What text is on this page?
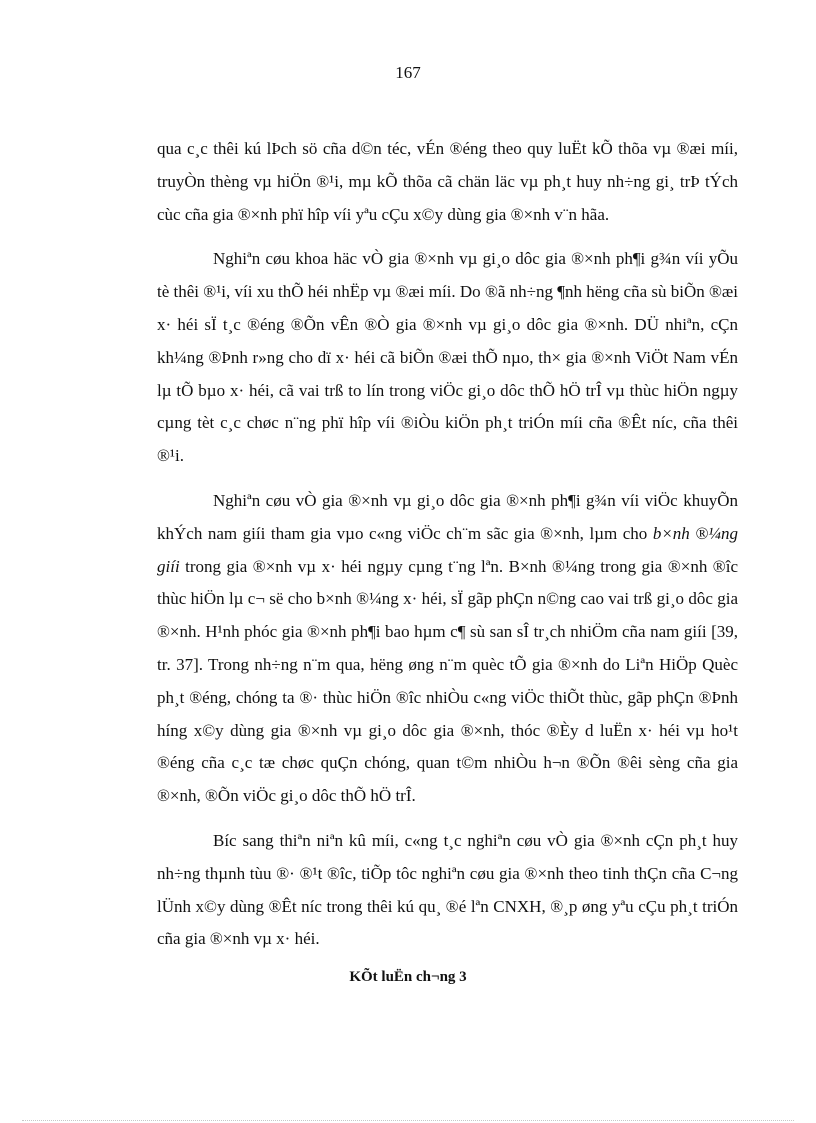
167

qua c¸c thêi kú lÞch sö cña d©n téc, vÉn ®éng theo quy luËt kÕ thõa vµ ®æi míi, truyÒn thèng vµ hiÖn ®¹i, mµ kÕ thõa cã chän läc vµ ph¸t huy nh÷ng gi¸ trÞ tÝch cùc cña gia ®×nh phï hîp víi yªu cÇu x©y dùng gia ®×nh v¨n hãa.

Nghiªn cøu khoa häc vÒ gia ®×nh vµ gi¸o dôc gia ®×nh ph¶i g¾n víi yÕu tè thêi ®¹i, víi xu thÕ héi nhËp vµ ®æi míi. Do ®ã nh÷ng ¶nh hëng cña sù biÕn ®æi x· héi sÏ t¸c ®éng ®Õn vÊn ®Ò gia ®×nh vµ gi¸o dôc gia ®×nh. DÜ nhiªn, cÇn kh¼ng ®Þnh r»ng cho dï x· héi cã biÕn ®æi thÕ nµo, th× gia ®×nh ViÖt Nam vÉn lµ tÕ bµo x· héi, cã vai trß to lín trong viÖc gi¸o dôc thÕ hÖ trÎ vµ thùc hiÖn ngµy cµng tèt c¸c chøc n¨ng phï hîp víi ®iÒu kiÖn ph¸t triÓn míi cña ®Êt níc, cña thêi ®¹i.

Nghiªn cøu vÒ gia ®×nh vµ gi¸o dôc gia ®×nh ph¶i g¾n víi viÖc khuyÕn khÝch nam giíi tham gia vµo c«ng viÖc ch¨m sãc gia ®×nh, lµm cho b×nh ®¼ng giíi trong gia ®×nh vµ x· héi ngµy cµng t¨ng lªn. B×nh ®¼ng trong gia ®×nh ®îc thùc hiÖn lµ c¬ së cho b×nh ®¼ng x· héi, sÏ gãp phÇn n©ng cao vai trß gi¸o dôc gia ®×nh. H¹nh phóc gia ®×nh ph¶i bao hµm c¶ sù san sÎ tr¸ch nhiÖm cña nam giíi [39, tr. 37]. Trong nh÷ng n¨m qua, hëng øng n¨m quèc tÕ gia ®×nh do Liªn HiÖp Quèc ph¸t ®éng, chóng ta ®· thùc hiÖn ®îc nhiÒu c«ng viÖc thiÕt thùc, gãp phÇn ®Þnh híng x©y dùng gia ®×nh vµ gi¸o dôc gia ®×nh, thóc ®Èy d luËn x· héi vµ ho¹t ®éng cña c¸c tæ chøc quÇn chóng, quan t©m nhiÒu h¬n ®Õn ®êi sèng cña gia ®×nh, ®Õn viÖc gi¸o dôc thÕ hÖ trÎ.

Bíc sang thiªn niªn kû míi, c«ng t¸c nghiªn cøu vÒ gia ®×nh cÇn ph¸t huy nh÷ng thµnh tùu ®· ®¹t ®îc, tiÕp tôc nghiªn cøu gia ®×nh theo tinh thÇn cña C¬ng lÜnh x©y dùng ®Êt níc trong thêi kú qu¸ ®é lªn CNXH, ®¸p øng yªu cÇu ph¸t triÓn cña gia ®×nh vµ x· héi.

KÕt luËn ch¬ng 3
